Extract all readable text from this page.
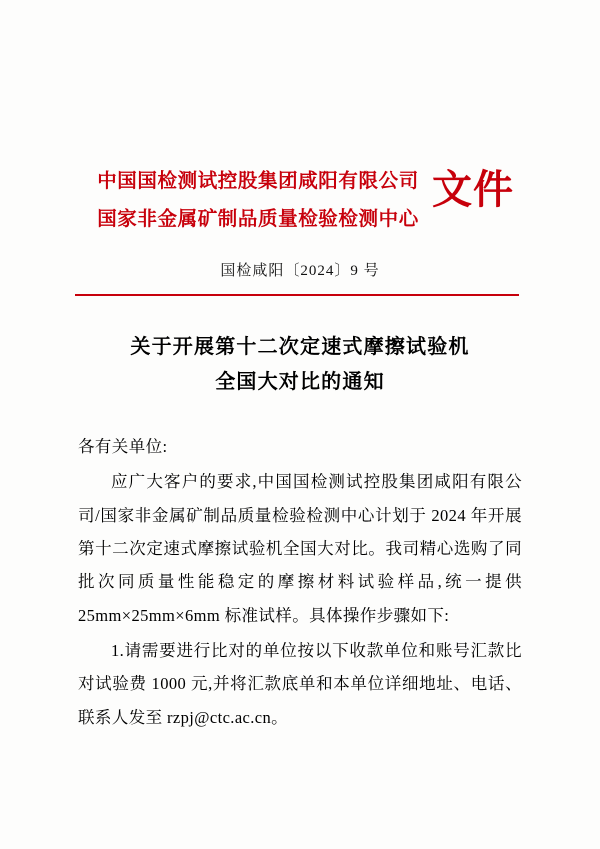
中国国检测试控股集团咸阳有限公司
国家非金属矿制品质量检验检测中心
文件
国检咸阳〔2024〕9 号
关于开展第十二次定速式摩擦试验机
全国大对比的通知

各有关单位:

应广大客户的要求,中国国检测试控股集团咸阳有限公司/国家非金属矿制品质量检验检测中心计划于 2024 年开展第十二次定速式摩擦试验机全国大对比。我司精心选购了同批次同质量性能稳定的摩擦材料试验样品,统一提供 25mm×25mm×6mm 标准试样。具体操作步骤如下:

1.请需要进行比对的单位按以下收款单位和账号汇款比对试验费 1000 元,并将汇款底单和本单位详细地址、电话、联系人发至 rzpj@ctc.ac.cn。
